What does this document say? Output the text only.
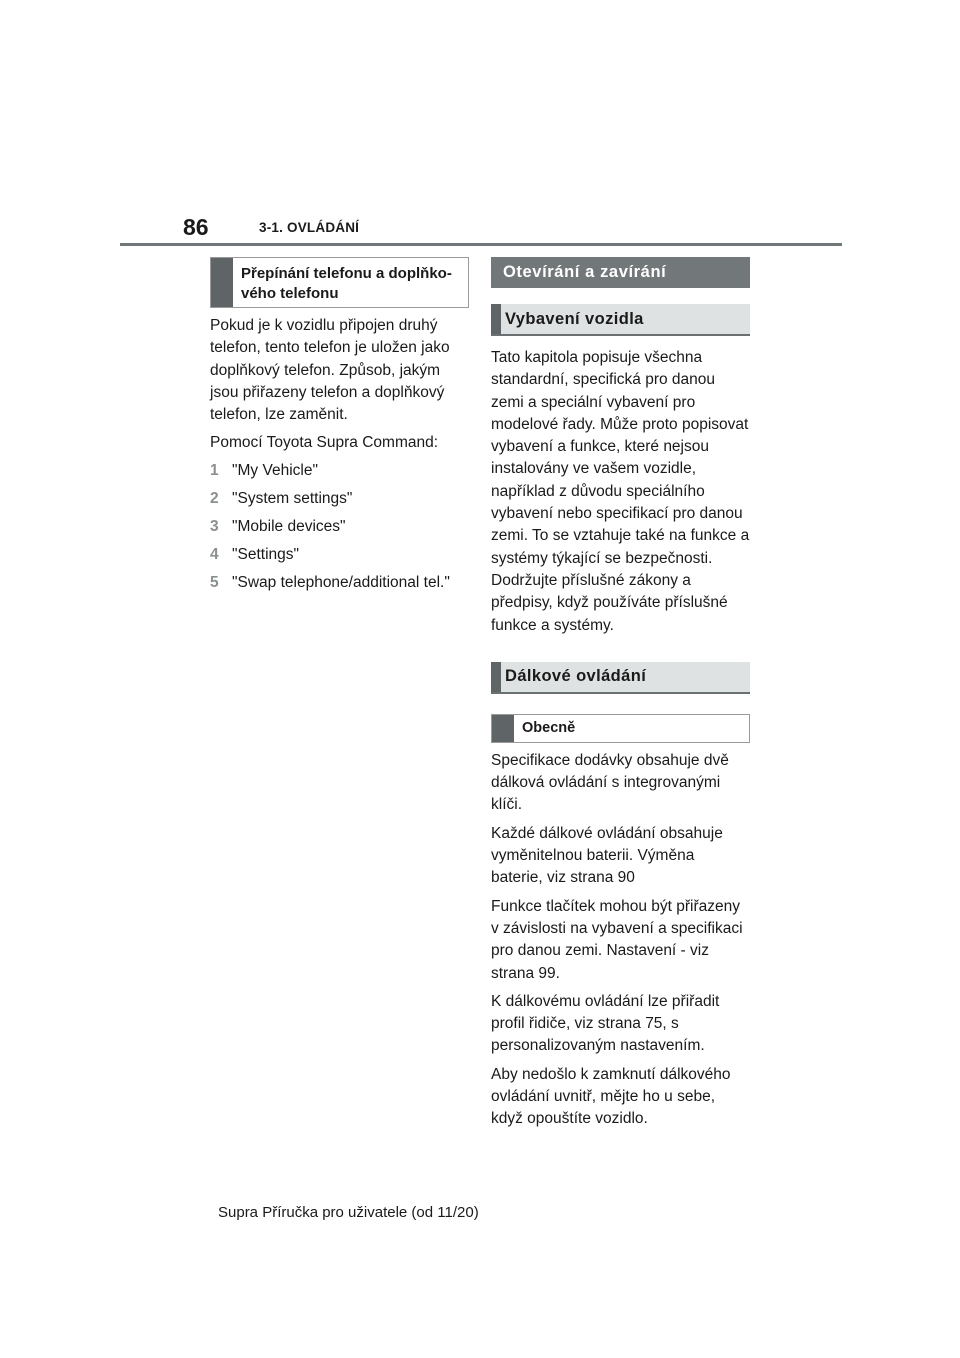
86	3-1. OVLÁDÁNÍ
Přepínání telefonu a doplňko-
vého telefonu

Pokud je k vozidlu připojen druhý telefon, tento telefon je uložen jako doplňkový telefon. Způsob, jakým jsou přiřazeny telefon a doplňkový telefon, lze zaměnit.

Pomocí Toyota Supra Command:

1 "My Vehicle"
2 "System settings"
3 "Mobile devices"
4 "Settings"
5 "Swap telephone/additional tel."
Otevírání a zavírání
Vybavení vozidla

Tato kapitola popisuje všechna standardní, specifická pro danou zemi a speciální vybavení pro modelové řady. Může proto popisovat vybavení a funkce, které nejsou instalovány ve vašem vozidle, například z důvodu speciálního vybavení nebo specifikací pro danou zemi. To se vztahuje také na funkce a systémy týkající se bezpečnosti. Dodržujte příslušné zákony a předpisy, když používáte příslušné funkce a systémy.

Dálkové ovládání
Obecně

Specifikace dodávky obsahuje dvě dálková ovládání s integrovanými klíči.

Každé dálkové ovládání obsahuje vyměnitelnou baterii. Výměna baterie, viz strana 90

Funkce tlačítek mohou být přiřazeny v závislosti na vybavení a specifikaci pro danou zemi. Nastavení - viz strana 99.

K dálkovému ovládání lze přiřadit profil řidiče, viz strana 75, s personalizovaným nastavením.

Aby nedošlo k zamknutí dálkového ovládání uvnitř, mějte ho u sebe, když opouštíte vozidlo.

Supra Příručka pro uživatele (od 11/20)
